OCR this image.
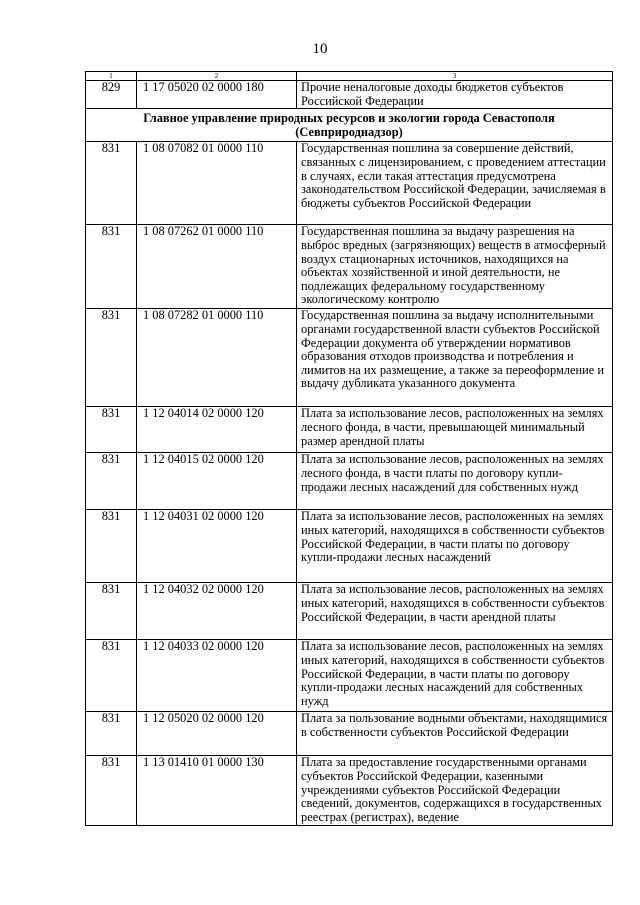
10
1	2	3
829	1 17 05020 02 0000 180	Прочие неналоговые доходы бюджетов субъектов Российской Федерации
Главное управление природных ресурсов и экологии города Севастополя (Севприроднадзор)		
831	1 08 07082 01 0000 110	Государственная пошлина за совершение действий, связанных с лицензированием, с проведением аттестации в случаях, если такая аттестация предусмотрена законодательством Российской Федерации, зачисляемая в бюджеты субъектов Российской Федерации
831	1 08 07262 01 0000 110	Государственная пошлина за выдачу разрешения на выброс вредных (загрязняющих) веществ в атмосферный воздух стационарных источников, находящихся на объектах хозяйственной и иной деятельности, не подлежащих федеральному государственному экологическому контролю
831	1 08 07282 01 0000 110	Государственная пошлина за выдачу исполнительными органами государственной власти субъектов Российской Федерации документа об утверждении нормативов образования отходов производства и потребления и лимитов на их размещение, а также за переоформление и выдачу дубликата указанного документа
831	1 12 04014 02 0000 120	Плата за использование лесов, расположенных на землях лесного фонда, в части, превышающей минимальный размер арендной платы
831	1 12 04015 02 0000 120	Плата за использование лесов, расположенных на землях лесного фонда, в части платы по договору купли-продажи лесных насаждений для собственных нужд
831	1 12 04031 02 0000 120	Плата за использование лесов, расположенных на землях иных категорий, находящихся в собственности субъектов Российской Федерации, в части платы по договору купли-продажи лесных насаждений
831	1 12 04032 02 0000 120	Плата за использование лесов, расположенных на землях иных категорий, находящихся в собственности субъектов Российской Федерации, в части арендной платы
831	1 12 04033 02 0000 120	Плата за использование лесов, расположенных на землях иных категорий, находящихся в собственности субъектов Российской Федерации, в части платы по договору купли-продажи лесных насаждений для собственных нужд
831	1 12 05020 02 0000 120	Плата за пользование водными объектами, находящимися в собственности субъектов Российской Федерации
831	1 13 01410 01 0000 130	Плата за предоставление государственными органами субъектов Российской Федерации, казенными учреждениями субъектов Российской Федерации сведений, документов, содержащихся в государственных реестрах (регистрах), ведение
